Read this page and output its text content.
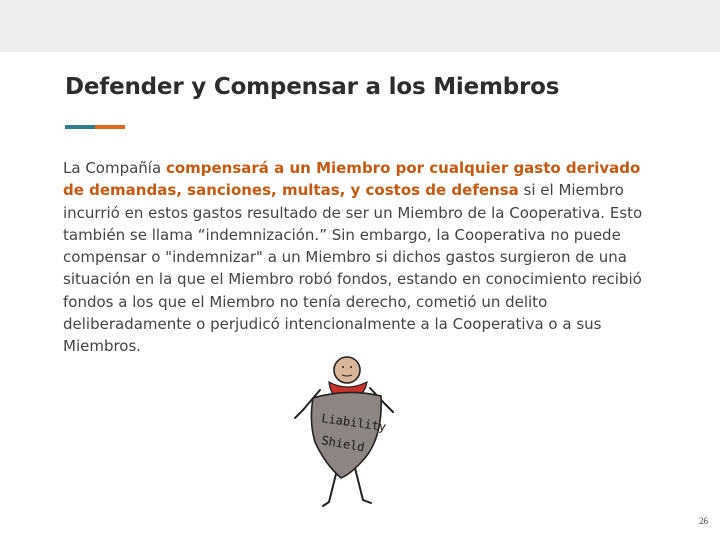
Defender y Compensar a los Miembros

La Compañía compensará a un Miembro por cualquier gasto derivado de demandas, sanciones, multas, y costos de defensa si el Miembro incurrió en estos gastos resultado de ser un Miembro de la Cooperativa. Esto también se llama “indemnización.” Sin embargo, la Cooperativa no puede compensar o "indemnizar" a un Miembro si dichos gastos surgieron de una situación en la que el Miembro robó fondos, estando en conocimiento recibió fondos a los que el Miembro no tenía derecho, cometió un delito deliberadamente o perjudicó intencionalmente a la Cooperativa o a sus Miembros.

Liability
Shield
26
